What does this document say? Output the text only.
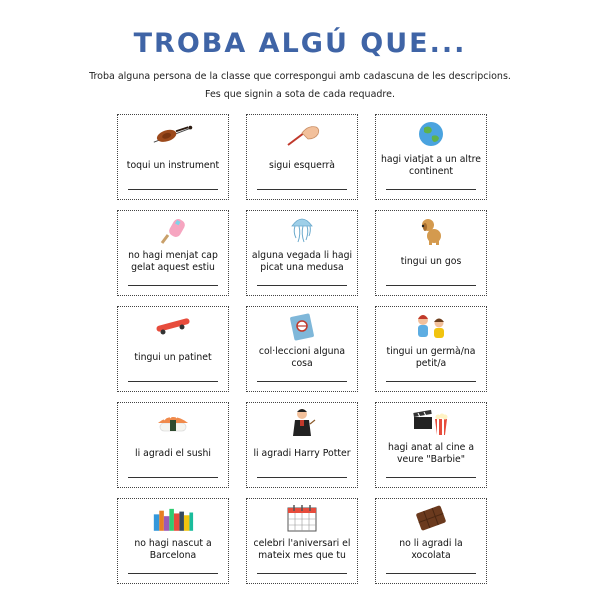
TROBA ALGÚ QUE...
Troba alguna persona de la classe que correspongui amb cadascuna de les descripcions.
Fes que signin a sota de cada requadre.
toqui un instrument	sigui esquerrà
hagi viatjat a un altre continent
no hagi menjat cap gelat aquest estiu
alguna vegada li hagi picat una medusa
tingui un gos
tingui un patinet
col·leccioni alguna cosa
tingui un germà/na petit/a
li agradi el sushi	li agradi Harry Potter
hagi anat al cine a veure "Barbie"
no hagi nascut a Barcelona
celebri l'aniversari el mateix mes que tu
no li agradi la xocolata
